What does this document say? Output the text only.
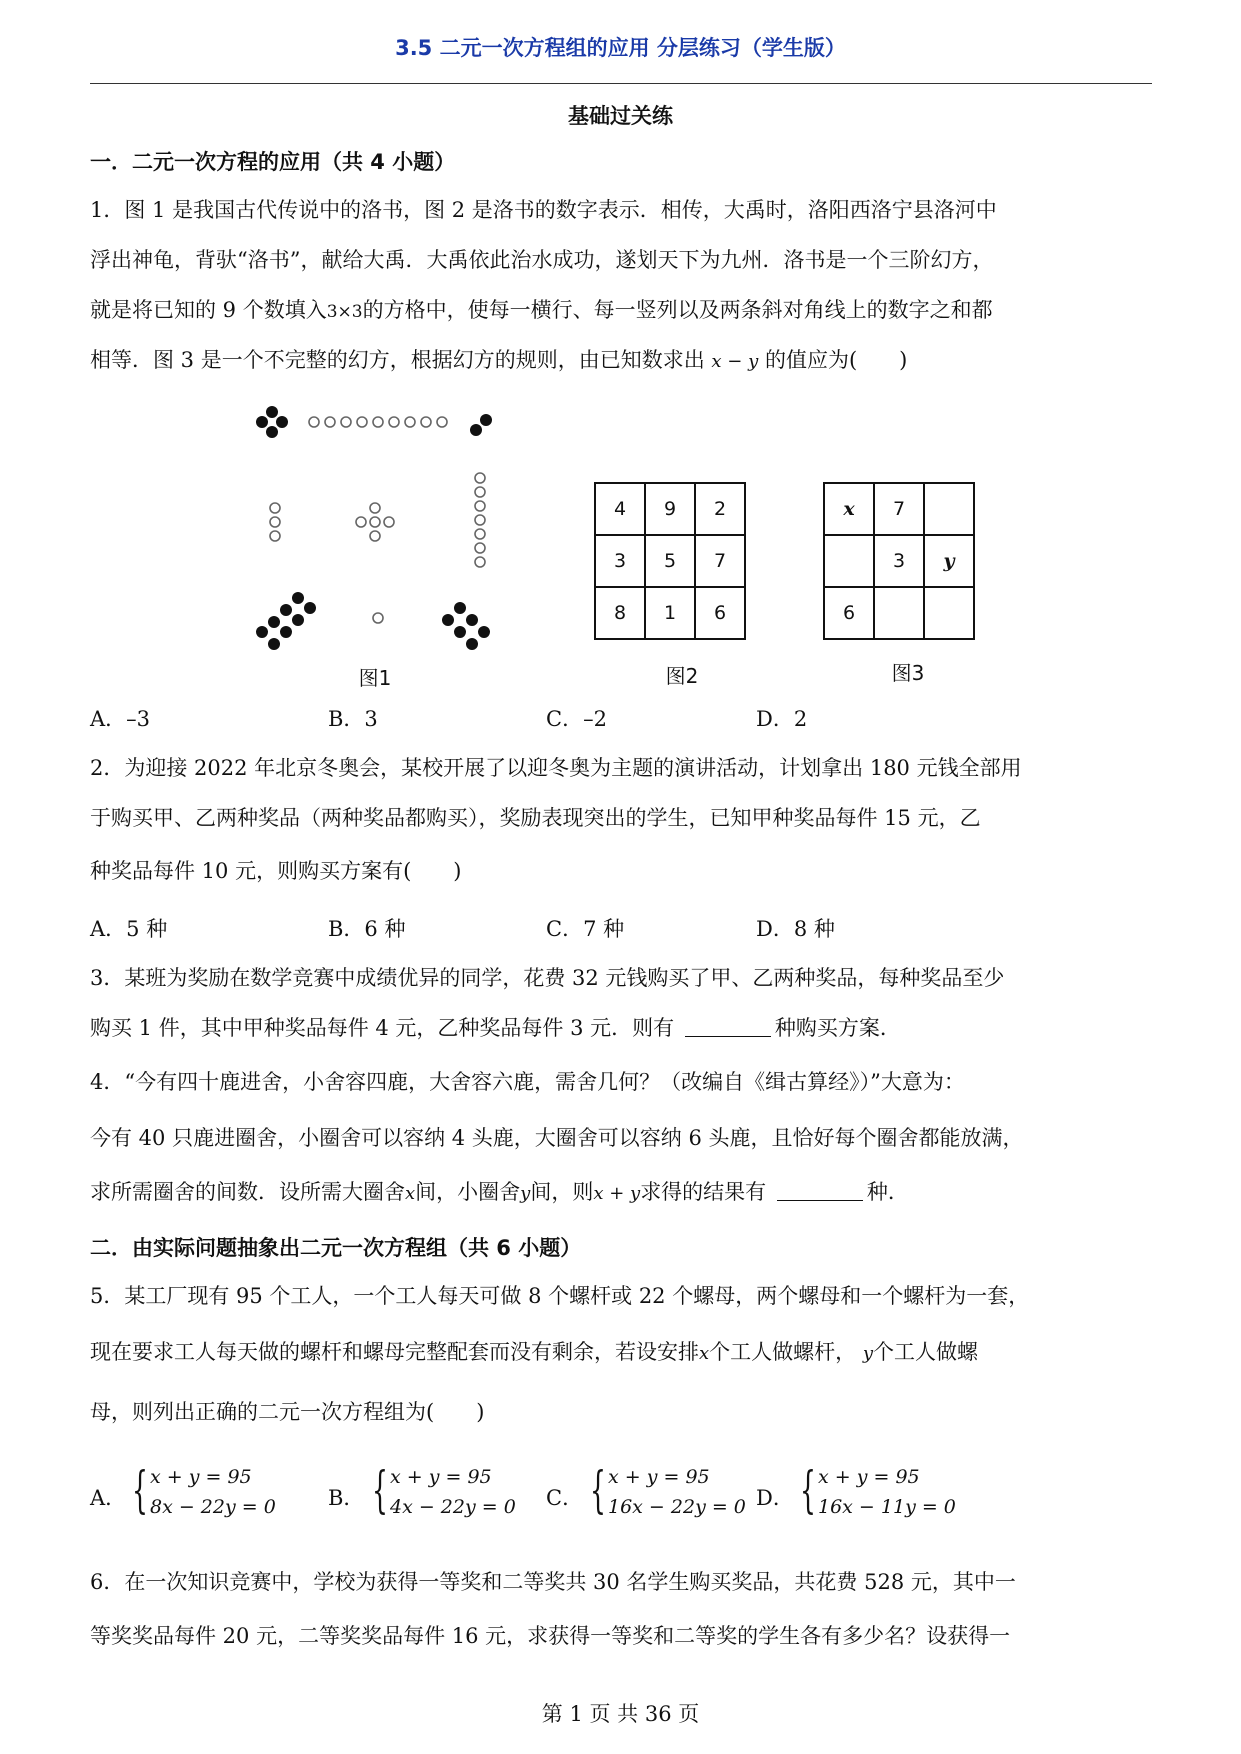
3.5 二元一次方程组的应用 分层练习（学生版）
基础过关练
一．二元一次方程的应用（共 4 小题）
1．图 1 是我国古代传说中的洛书，图 2 是洛书的数字表示．相传，大禹时，洛阳西洛宁县洛河中
浮出神龟，背驮“洛书”，献给大禹．大禹依此治水成功，遂划天下为九州．洛书是一个三阶幻方，
就是将已知的 9 个数填入3×3的方格中，使每一横行、每一竖列以及两条斜对角线上的数字之和都
相等．图 3 是一个不完整的幻方，根据幻方的规则，由已知数求出 x − y 的值应为(　　)
图1
4	9	2
3	5	7
8	1	6
图2
x	7	
	3	y
6		
图3
A．–3	B．3	C．–2	D．2
2．为迎接 2022 年北京冬奥会，某校开展了以迎冬奥为主题的演讲活动，计划拿出 180 元钱全部用
于购买甲、乙两种奖品（两种奖品都购买），奖励表现突出的学生，已知甲种奖品每件 15 元，乙
种奖品每件 10 元，则购买方案有(　　)
A．5 种	B．6 种	C．7 种	D．8 种
3．某班为奖励在数学竞赛中成绩优异的同学，花费 32 元钱购买了甲、乙两种奖品，每种奖品至少
购买 1 件，其中甲种奖品每件 4 元，乙种奖品每件 3 元．则有	种购买方案．
4．“今有四十鹿进舍，小舍容四鹿，大舍容六鹿，需舍几何？（改编自《缉古算经》）”大意为：
今有 40 只鹿进圈舍，小圈舍可以容纳 4 头鹿，大圈舍可以容纳 6 头鹿，且恰好每个圈舍都能放满，
求所需圈舍的间数．设所需大圈舍x间，小圈舍y间，则x + y求得的结果有	种．
二．由实际问题抽象出二元一次方程组（共 6 小题）
5．某工厂现有 95 个工人，一个工人每天可做 8 个螺杆或 22 个螺母，两个螺母和一个螺杆为一套，
现在要求工人每天做的螺杆和螺母完整配套而没有剩余，若设安排x个工人做螺杆， y个工人做螺
母，则列出正确的二元一次方程组为(　　)
A． { x + y = 95
8x − 22y = 0 B． { x + y = 95
4x − 22y = 0 C． { x + y = 95
16x − 22y = 0 D． { x + y = 95
16x − 11y = 0
6．在一次知识竞赛中，学校为获得一等奖和二等奖共 30 名学生购买奖品，共花费 528 元，其中一
等奖奖品每件 20 元，二等奖奖品每件 16 元，求获得一等奖和二等奖的学生各有多少名？设获得一
第 1 页 共 36 页
